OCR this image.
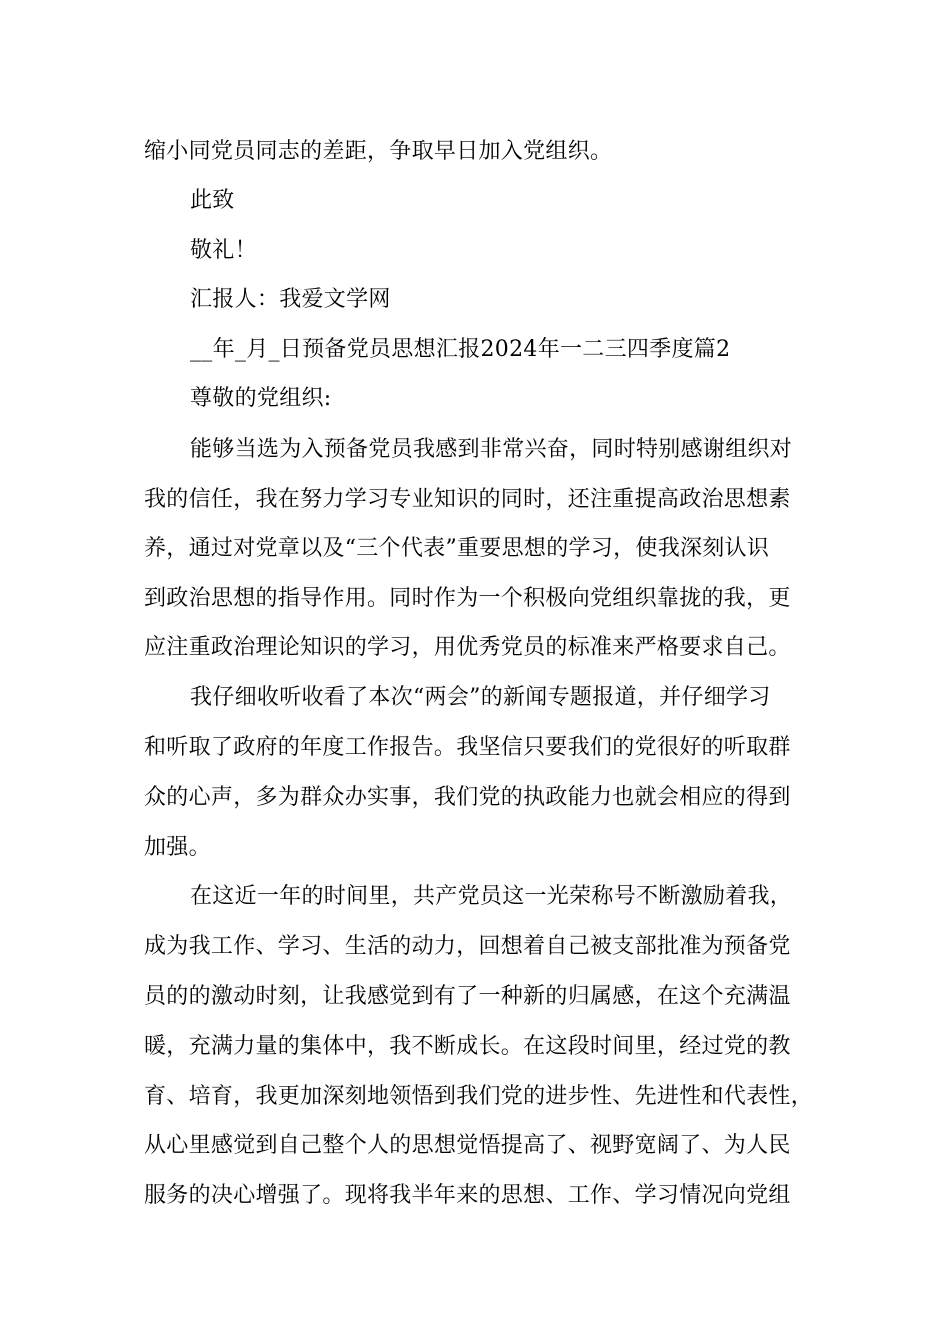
缩小同党员同志的差距，争取早日加入党组织。

此致

敬礼！

汇报人：我爱文学网

__年_月_日预备党员思想汇报2024年一二三四季度篇2

尊敬的党组织:

能够当选为入预备党员我感到非常兴奋，同时特别感谢组织对

我的信任，我在努力学习专业知识的同时，还注重提高政治思想素

养，通过对党章以及“三个代表”重要思想的学习，使我深刻认识

到政治思想的指导作用。同时作为一个积极向党组织靠拢的我，更

应注重政治理论知识的学习，用优秀党员的标准来严格要求自己。

我仔细收听收看了本次“两会”的新闻专题报道，并仔细学习

和听取了政府的年度工作报告。我坚信只要我们的党很好的听取群

众的心声，多为群众办实事，我们党的执政能力也就会相应的得到

加强。

在这近一年的时间里，共产党员这一光荣称号不断激励着我，

成为我工作、学习、生活的动力，回想着自己被支部批准为预备党

员的的激动时刻，让我感觉到有了一种新的归属感，在这个充满温

暖，充满力量的集体中，我不断成长。在这段时间里，经过党的教

育、培育，我更加深刻地领悟到我们党的进步性、先进性和代表性，

从心里感觉到自己整个人的思想觉悟提高了、视野宽阔了、为人民

服务的决心增强了。现将我半年来的思想、工作、学习情况向党组
